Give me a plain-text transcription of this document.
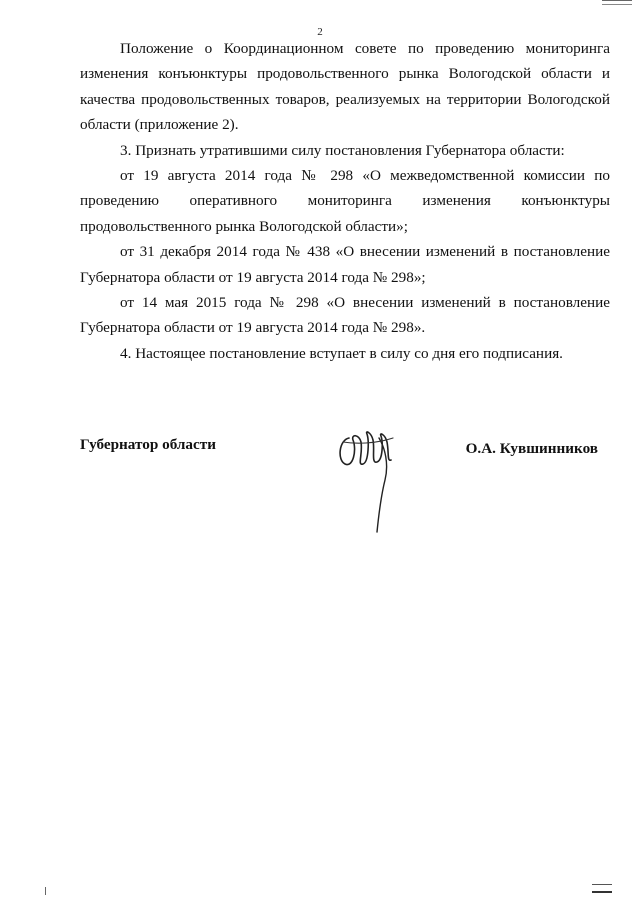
2

Положение о Координационном совете по проведению мониторинга изменения конъюнктуры продовольственного рынка Вологодской области и качества продовольственных товаров, реализуемых на территории Вологодской области (приложение 2).

3. Признать утратившими силу постановления Губернатора области:

от 19 августа 2014 года № 298 «О межведомственной комиссии по проведению оперативного мониторинга изменения конъюнктуры продовольственного рынка Вологодской области»;

от 31 декабря 2014 года № 438 «О внесении изменений в постановление Губернатора области от 19 августа 2014 года № 298»;

от 14 мая 2015 года № 298 «О внесении изменений в постановление Губернатора области от 19 августа 2014 года № 298».

4. Настоящее постановление вступает в силу со дня его подписания.

Губернатор области	О.А. Кувшинников
